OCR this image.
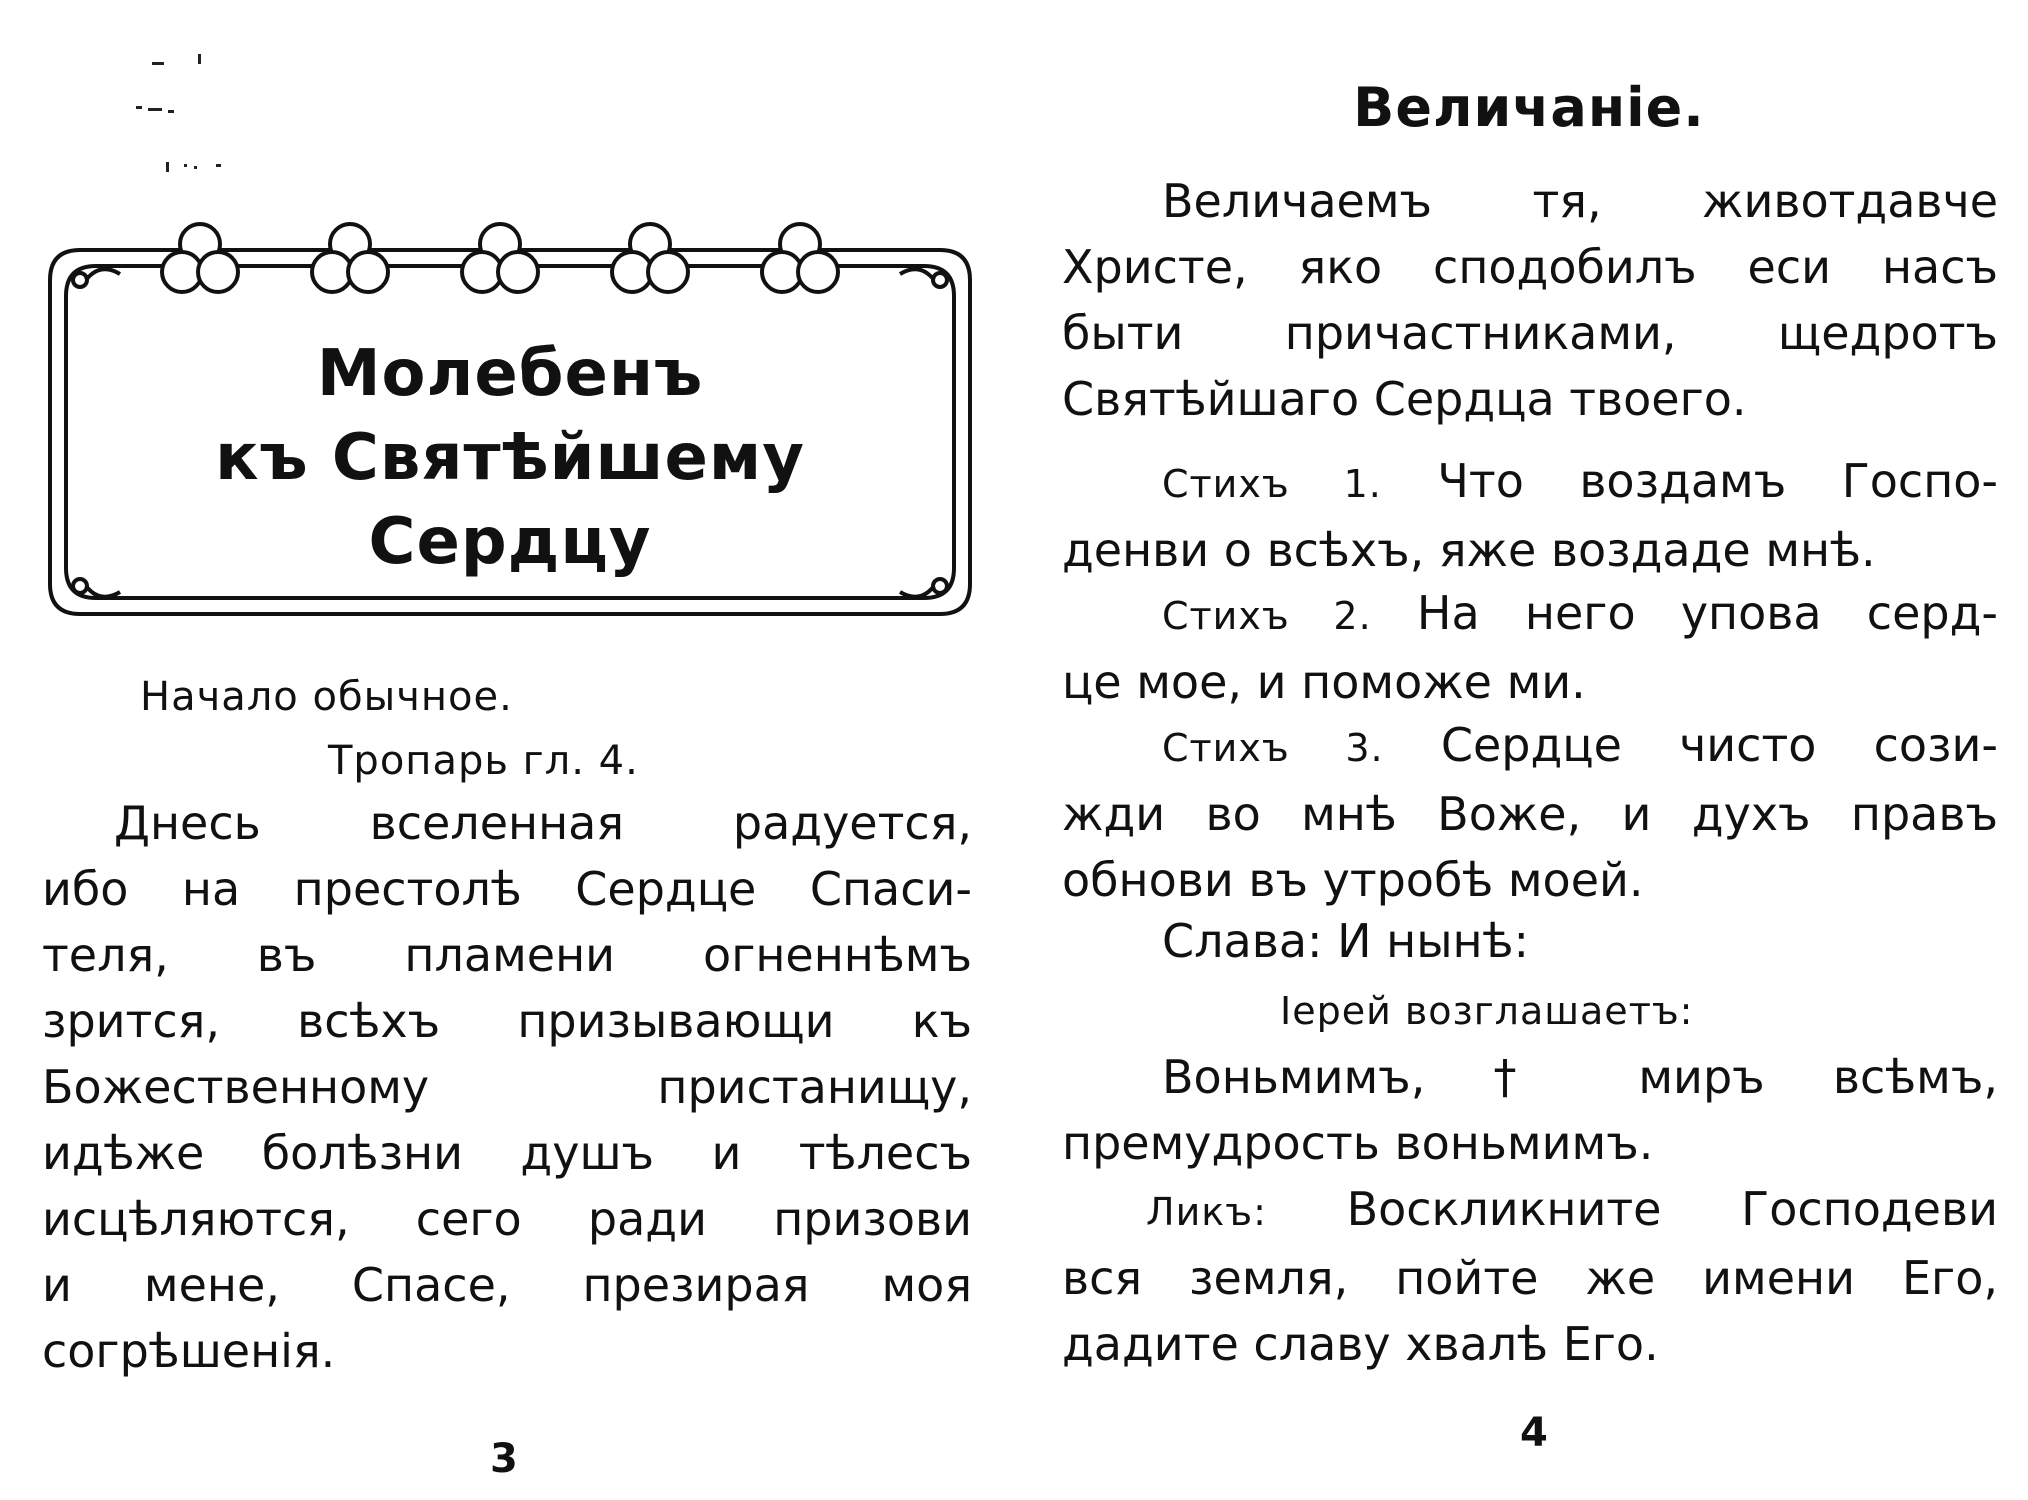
Молебенъ
къ Святѣйшему
Сердцу
Начало обычное.
Тропарь гл. 4.
Днесь вселенная радуется,
ибо на престолѣ Сердце Спаси-
теля, въ пламени огненнѣмъ
зрится, всѣхъ призывающи къ
Божественному пристанищу,
идѣже болѣзни душъ и тѣлесъ
исцѣляются, сего ради призови
и мене, Спасе, презирая моя
согрѣшенія.
3
Величаніе.
Величаемъ тя, животдавче
Христе, яко сподобилъ еси насъ
быти причастниками, щедротъ
Святѣйшаго Сердца твоего.
Стихъ 1. Что воздамъ Госпо-
денви о всѣхъ, яже воздаде мнѣ.
Стихъ 2. На него упова серд-
це мое, и поможе ми.
Стихъ 3. Сердце чисто сози-
жди во мнѣ Воже, и духъ правъ
обнови въ утробѣ моей.
Слава: И нынѣ:
Іерей возглашаетъ:
Воньмимъ, † миръ всѣмъ,
премудрость воньмимъ.
Ликъ: Воскликните Господеви
вся земля, пойте же имени Его,
дадите славу хвалѣ Его.
4
